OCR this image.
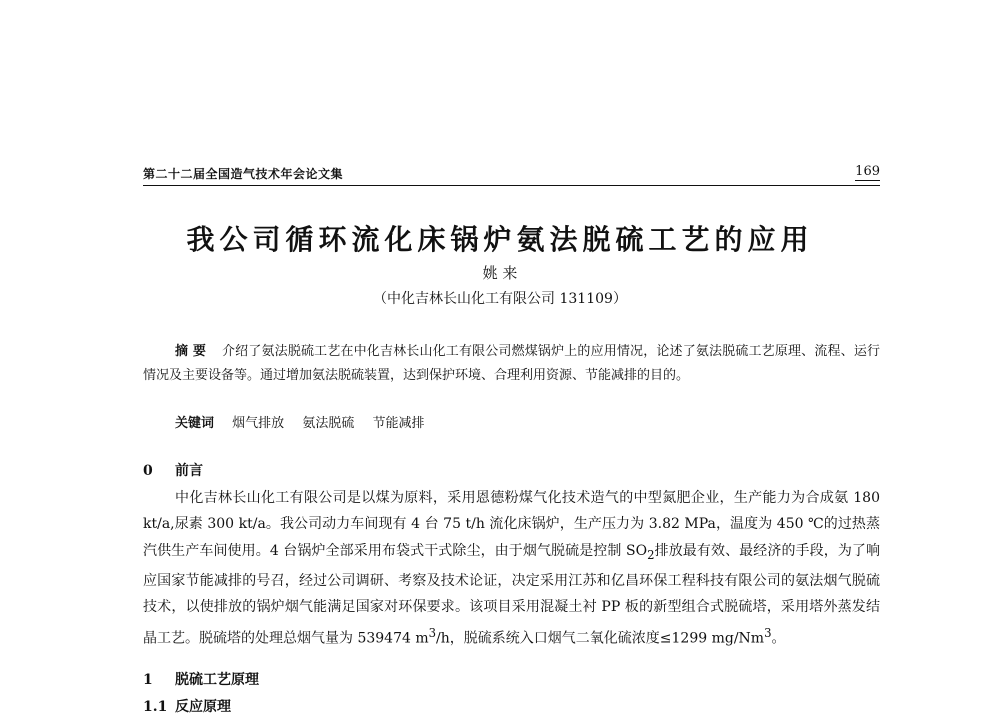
第二十二届全国造气技术年会论文集	169
我公司循环流化床锅炉氨法脱硫工艺的应用
姚 来
（中化吉林长山化工有限公司 131109）

摘 要 介绍了氨法脱硫工艺在中化吉林长山化工有限公司燃煤锅炉上的应用情况，论述了氨法脱硫工艺原理、流程、运行情况及主要设备等。通过增加氨法脱硫装置，达到保护环境、合理利用资源、节能减排的目的。

关键词 烟气排放 氨法脱硫 节能减排
0 前言

中化吉林长山化工有限公司是以煤为原料，采用恩德粉煤气化技术造气的中型氮肥企业，生产能力为合成氨 180 kt/a,尿素 300 kt/a。我公司动力车间现有 4 台 75 t/h 流化床锅炉，生产压力为 3.82 MPa，温度为 450 ℃的过热蒸汽供生产车间使用。4 台锅炉全部采用布袋式干式除尘，由于烟气脱硫是控制 $SO_2$排放最有效、最经济的手段，为了响应国家节能减排的号召，经过公司调研、考察及技术论证，决定采用江苏和亿昌环保工程科技有限公司的氨法烟气脱硫技术，以使排放的锅炉烟气能满足国家对环保要求。该项目采用混凝土衬 PP 板的新型组合式脱硫塔，采用塔外蒸发结晶工艺。脱硫塔的处理总烟气量为 539474 $m^3/h$，脱硫系统入口烟气二氧化硫浓度≤1299 mg/Nm$^3$。

1 脱硫工艺原理
1.1 反应原理
